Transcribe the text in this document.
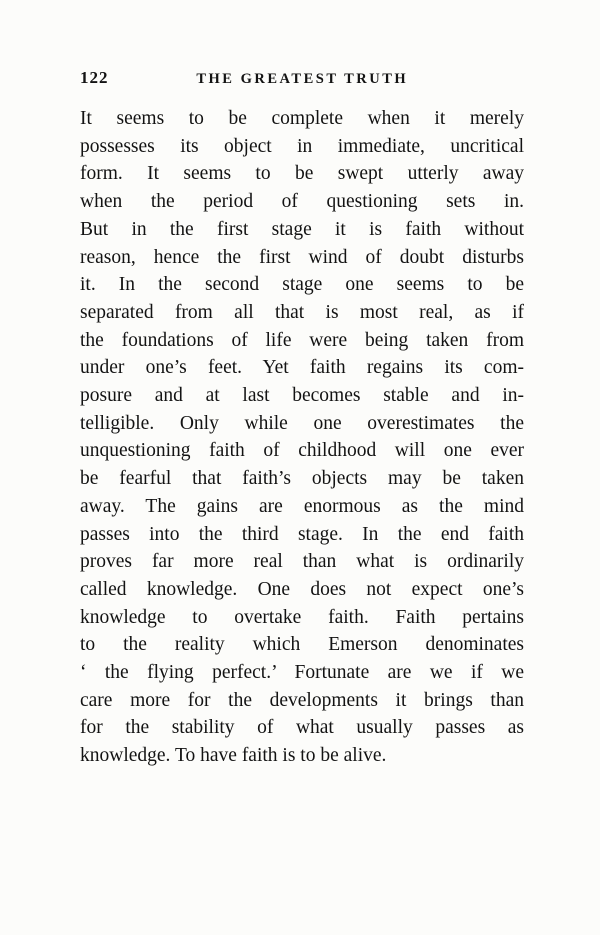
122	THE GREATEST TRUTH
It seems to be complete when it merely
possesses its object in immediate, uncritical
form. It seems to be swept utterly away
when the period of questioning sets in.
But in the first stage it is faith without
reason, hence the first wind of doubt disturbs
it. In the second stage one seems to be
separated from all that is most real, as if
the foundations of life were being taken from
under one’s feet. Yet faith regains its com-
posure and at last becomes stable and in-
telligible. Only while one overestimates the
unquestioning faith of childhood will one ever
be fearful that faith’s objects may be taken
away. The gains are enormous as the mind
passes into the third stage. In the end faith
proves far more real than what is ordinarily
called knowledge. One does not expect one’s
knowledge to overtake faith. Faith pertains
to the reality which Emerson denominates
‘ the flying perfect.’ Fortunate are we if we
care more for the developments it brings than
for the stability of what usually passes as
knowledge. To have faith is to be alive.
